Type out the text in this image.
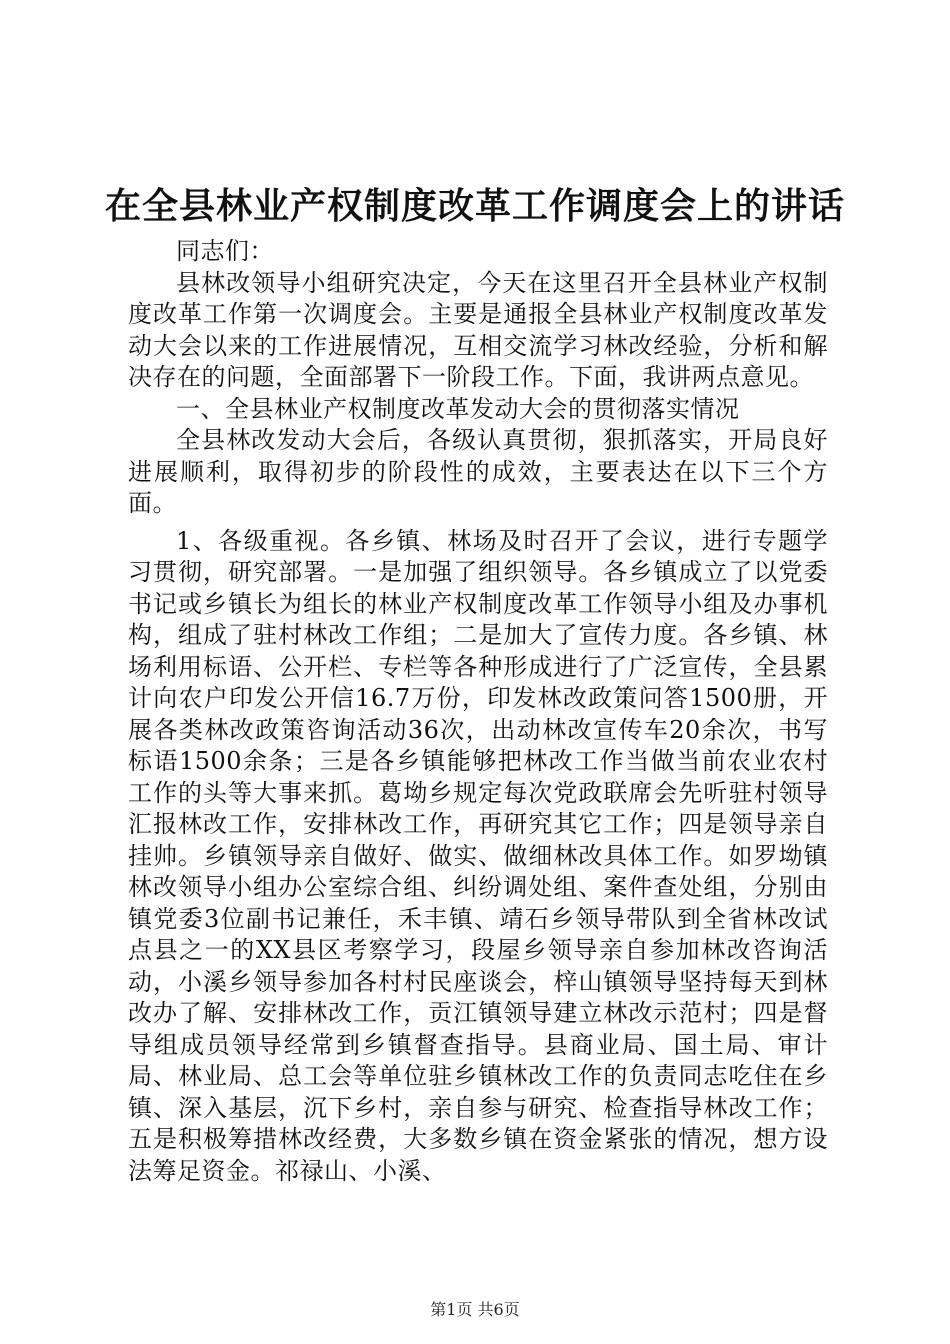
在全县林业产权制度改革工作调度会上的讲话

同志们：

县林改领导小组研究决定，今天在这里召开全县林业产权制度改革工作第一次调度会。主要是通报全县林业产权制度改革发动大会以来的工作进展情况，互相交流学习林改经验，分析和解决存在的问题，全面部署下一阶段工作。下面，我讲两点意见。

一、全县林业产权制度改革发动大会的贯彻落实情况

全县林改发动大会后，各级认真贯彻，狠抓落实，开局良好进展顺利，取得初步的阶段性的成效，主要表达在以下三个方面。

1、各级重视。各乡镇、林场及时召开了会议，进行专题学习贯彻，研究部署。一是加强了组织领导。各乡镇成立了以党委书记或乡镇长为组长的林业产权制度改革工作领导小组及办事机构，组成了驻村林改工作组；二是加大了宣传力度。各乡镇、林场利用标语、公开栏、专栏等各种形成进行了广泛宣传，全县累计向农户印发公开信16.7万份，印发林改政策问答1500册，开展各类林改政策咨询活动36次，出动林改宣传车20余次，书写标语1500余条；三是各乡镇能够把林改工作当做当前农业农村工作的头等大事来抓。葛坳乡规定每次党政联席会先听驻村领导汇报林改工作，安排林改工作，再研究其它工作；四是领导亲自挂帅。乡镇领导亲自做好、做实、做细林改具体工作。如罗坳镇林改领导小组办公室综合组、纠纷调处组、案件查处组，分别由镇党委3位副书记兼任，禾丰镇、靖石乡领导带队到全省林改试点县之一的XX县区考察学习，段屋乡领导亲自参加林改咨询活动，小溪乡领导参加各村村民座谈会，梓山镇领导坚持每天到林改办了解、安排林改工作，贡江镇领导建立林改示范村；四是督导组成员领导经常到乡镇督查指导。县商业局、国土局、审计局、林业局、总工会等单位驻乡镇林改工作的负责同志吃住在乡镇、深入基层，沉下乡村，亲自参与研究、检查指导林改工作；五是积极筹措林改经费，大多数乡镇在资金紧张的情况，想方设法筹足资金。祁禄山、小溪、

第1页 共6页
